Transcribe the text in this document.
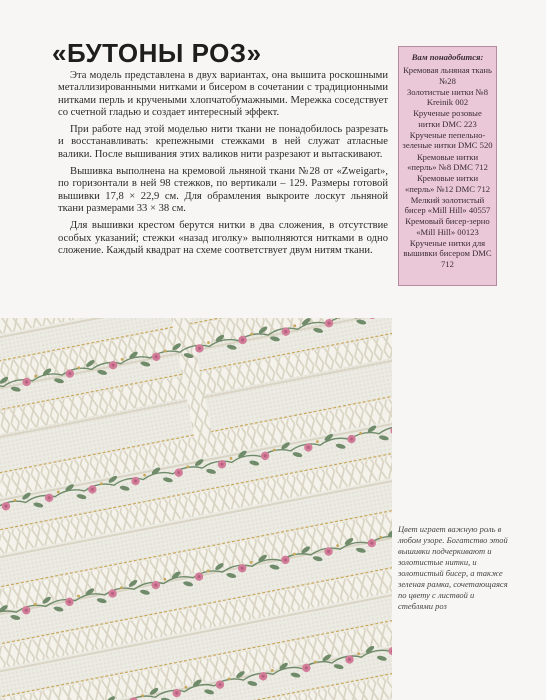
«БУТОНЫ РОЗ»

Эта модель представлена в двух вариантах, она вышита роскошными металлизированными нитками и бисером в сочетании с традиционными нитками перль и кручеными хлопчатобумажными. Мережка соседствует со счетной гладью и создает интересный эффект.

При работе над этой моделью нити ткани не понадобилось разрезать и восстанавливать: крепежными стежками в ней служат атласные валики. После вышивания этих валиков нити разрезают и вытаскивают.

Вышивка выполнена на кремовой льняной ткани №28 от «Zweigart», по горизонтали в ней 98 стежков, по вертикали – 129. Размеры готовой вышивки 17,8 × 22,9 см. Для обрамления выкроите лоскут льняной ткани размерами 33 × 38 см.

Для вышивки крестом берутся нитки в два сложения, в отсутствие особых указаний; стежки «назад иголку» выполняются нитками в одно сложение. Каждый квадрат на схеме соответствует двум нитям ткани.

Вам понадобится:
Кремовая льняная ткань №28
Золотистые нитки №8 Kreinik 002
Крученые розовые нитки DMC 223
Крученые пепельно-зеленые нитки DMC 520
Кремовые нитки «перль» №8 DMC 712
Кремовые нитки «перль» №12 DMC 712
Мелкий золотистый бисер «Mill Hill» 40557
Кремовый бисер-зерно «Mill Hill» 00123
Крученые нитки для вышивки бисером DMC 712
Цвет играет важную роль в любом узоре. Богатство этой вышивки подчеркивают и золотистые нитки, и золотистый бисер, а также зеленая рамка, сочетающаяся по цвету с листвой и стеблями роз
